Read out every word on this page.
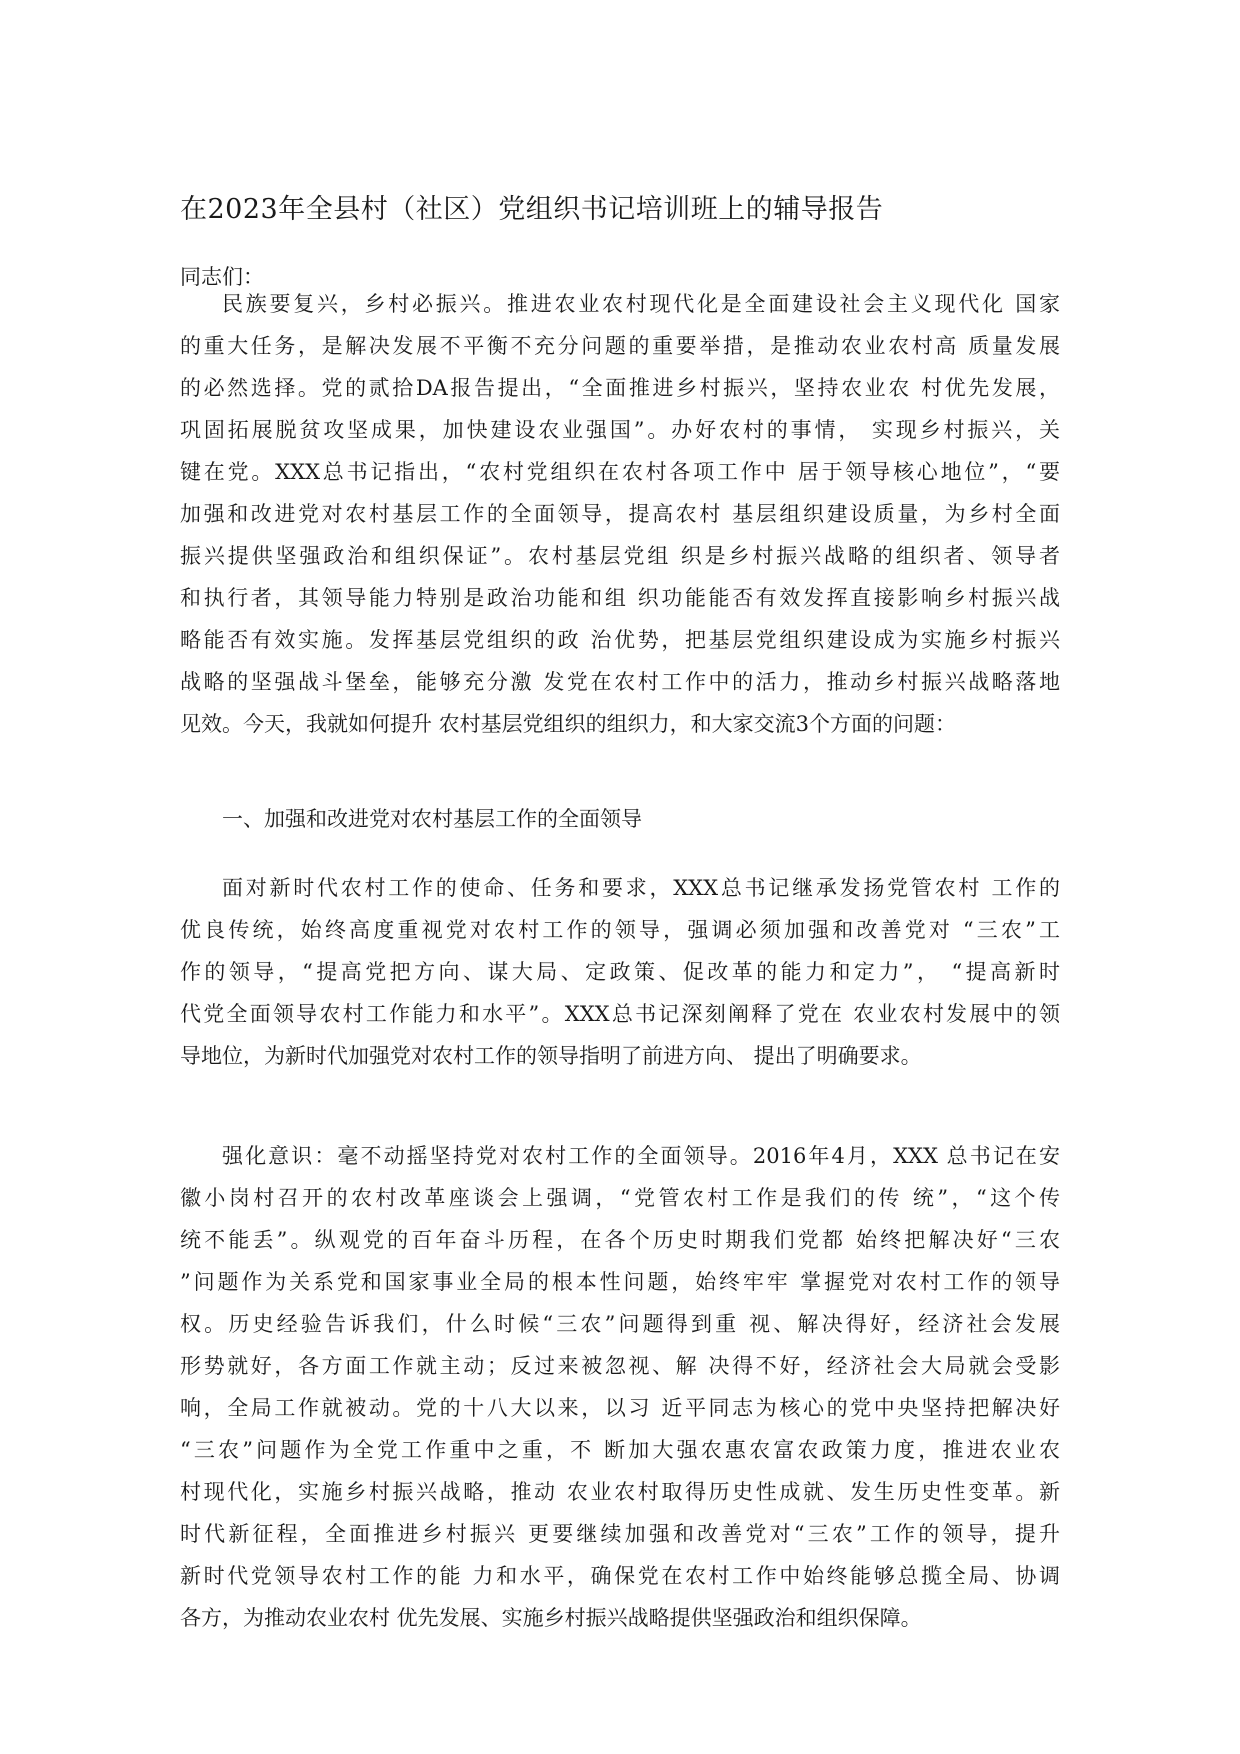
在2023年全县村（社区）党组织书记培训班上的辅导报告
同志们：
民族要复兴，乡村必振兴。推进农业农村现代化是全面建设社会主义现代化 国家
的重大任务，是解决发展不平衡不充分问题的重要举措，是推动农业农村高 质量发展
的必然选择。党的贰拾DA报告提出，“全面推进乡村振兴，坚持农业农 村优先发展，
巩固拓展脱贫攻坚成果，加快建设农业强国”。办好农村的事情， 实现乡村振兴，关
键在党。XXX总书记指出，“农村党组织在农村各项工作中 居于领导核心地位”，“要
加强和改进党对农村基层工作的全面领导，提高农村 基层组织建设质量，为乡村全面
振兴提供坚强政治和组织保证”。农村基层党组 织是乡村振兴战略的组织者、领导者
和执行者，其领导能力特别是政治功能和组 织功能能否有效发挥直接影响乡村振兴战
略能否有效实施。发挥基层党组织的政 治优势，把基层党组织建设成为实施乡村振兴
战略的坚强战斗堡垒，能够充分激 发党在农村工作中的活力，推动乡村振兴战略落地
见效。今天，我就如何提升 农村基层党组织的组织力，和大家交流3个方面的问题：
一、加强和改进党对农村基层工作的全面领导
面对新时代农村工作的使命、任务和要求，XXX总书记继承发扬党管农村 工作的
优良传统，始终高度重视党对农村工作的领导，强调必须加强和改善党对 “三农”工
作的领导，“提高党把方向、谋大局、定政策、促改革的能力和定力”， “提高新时
代党全面领导农村工作能力和水平”。XXX总书记深刻阐释了党在 农业农村发展中的领
导地位，为新时代加强党对农村工作的领导指明了前进方向、 提出了明确要求。
强化意识：毫不动摇坚持党对农村工作的全面领导。2016年4月，XXX 总书记在安
徽小岗村召开的农村改革座谈会上强调，“党管农村工作是我们的传 统”，“这个传
统不能丢”。纵观党的百年奋斗历程，在各个历史时期我们党都 始终把解决好“三农
”问题作为关系党和国家事业全局的根本性问题，始终牢牢 掌握党对农村工作的领导
权。历史经验告诉我们，什么时候“三农”问题得到重 视、解决得好，经济社会发展
形势就好，各方面工作就主动；反过来被忽视、解 决得不好，经济社会大局就会受影
响，全局工作就被动。党的十八大以来，以习 近平同志为核心的党中央坚持把解决好
“三农”问题作为全党工作重中之重，不 断加大强农惠农富农政策力度，推进农业农
村现代化，实施乡村振兴战略，推动 农业农村取得历史性成就、发生历史性变革。新
时代新征程，全面推进乡村振兴 更要继续加强和改善党对“三农”工作的领导，提升
新时代党领导农村工作的能 力和水平，确保党在农村工作中始终能够总揽全局、协调
各方，为推动农业农村 优先发展、实施乡村振兴战略提供坚强政治和组织保障。
